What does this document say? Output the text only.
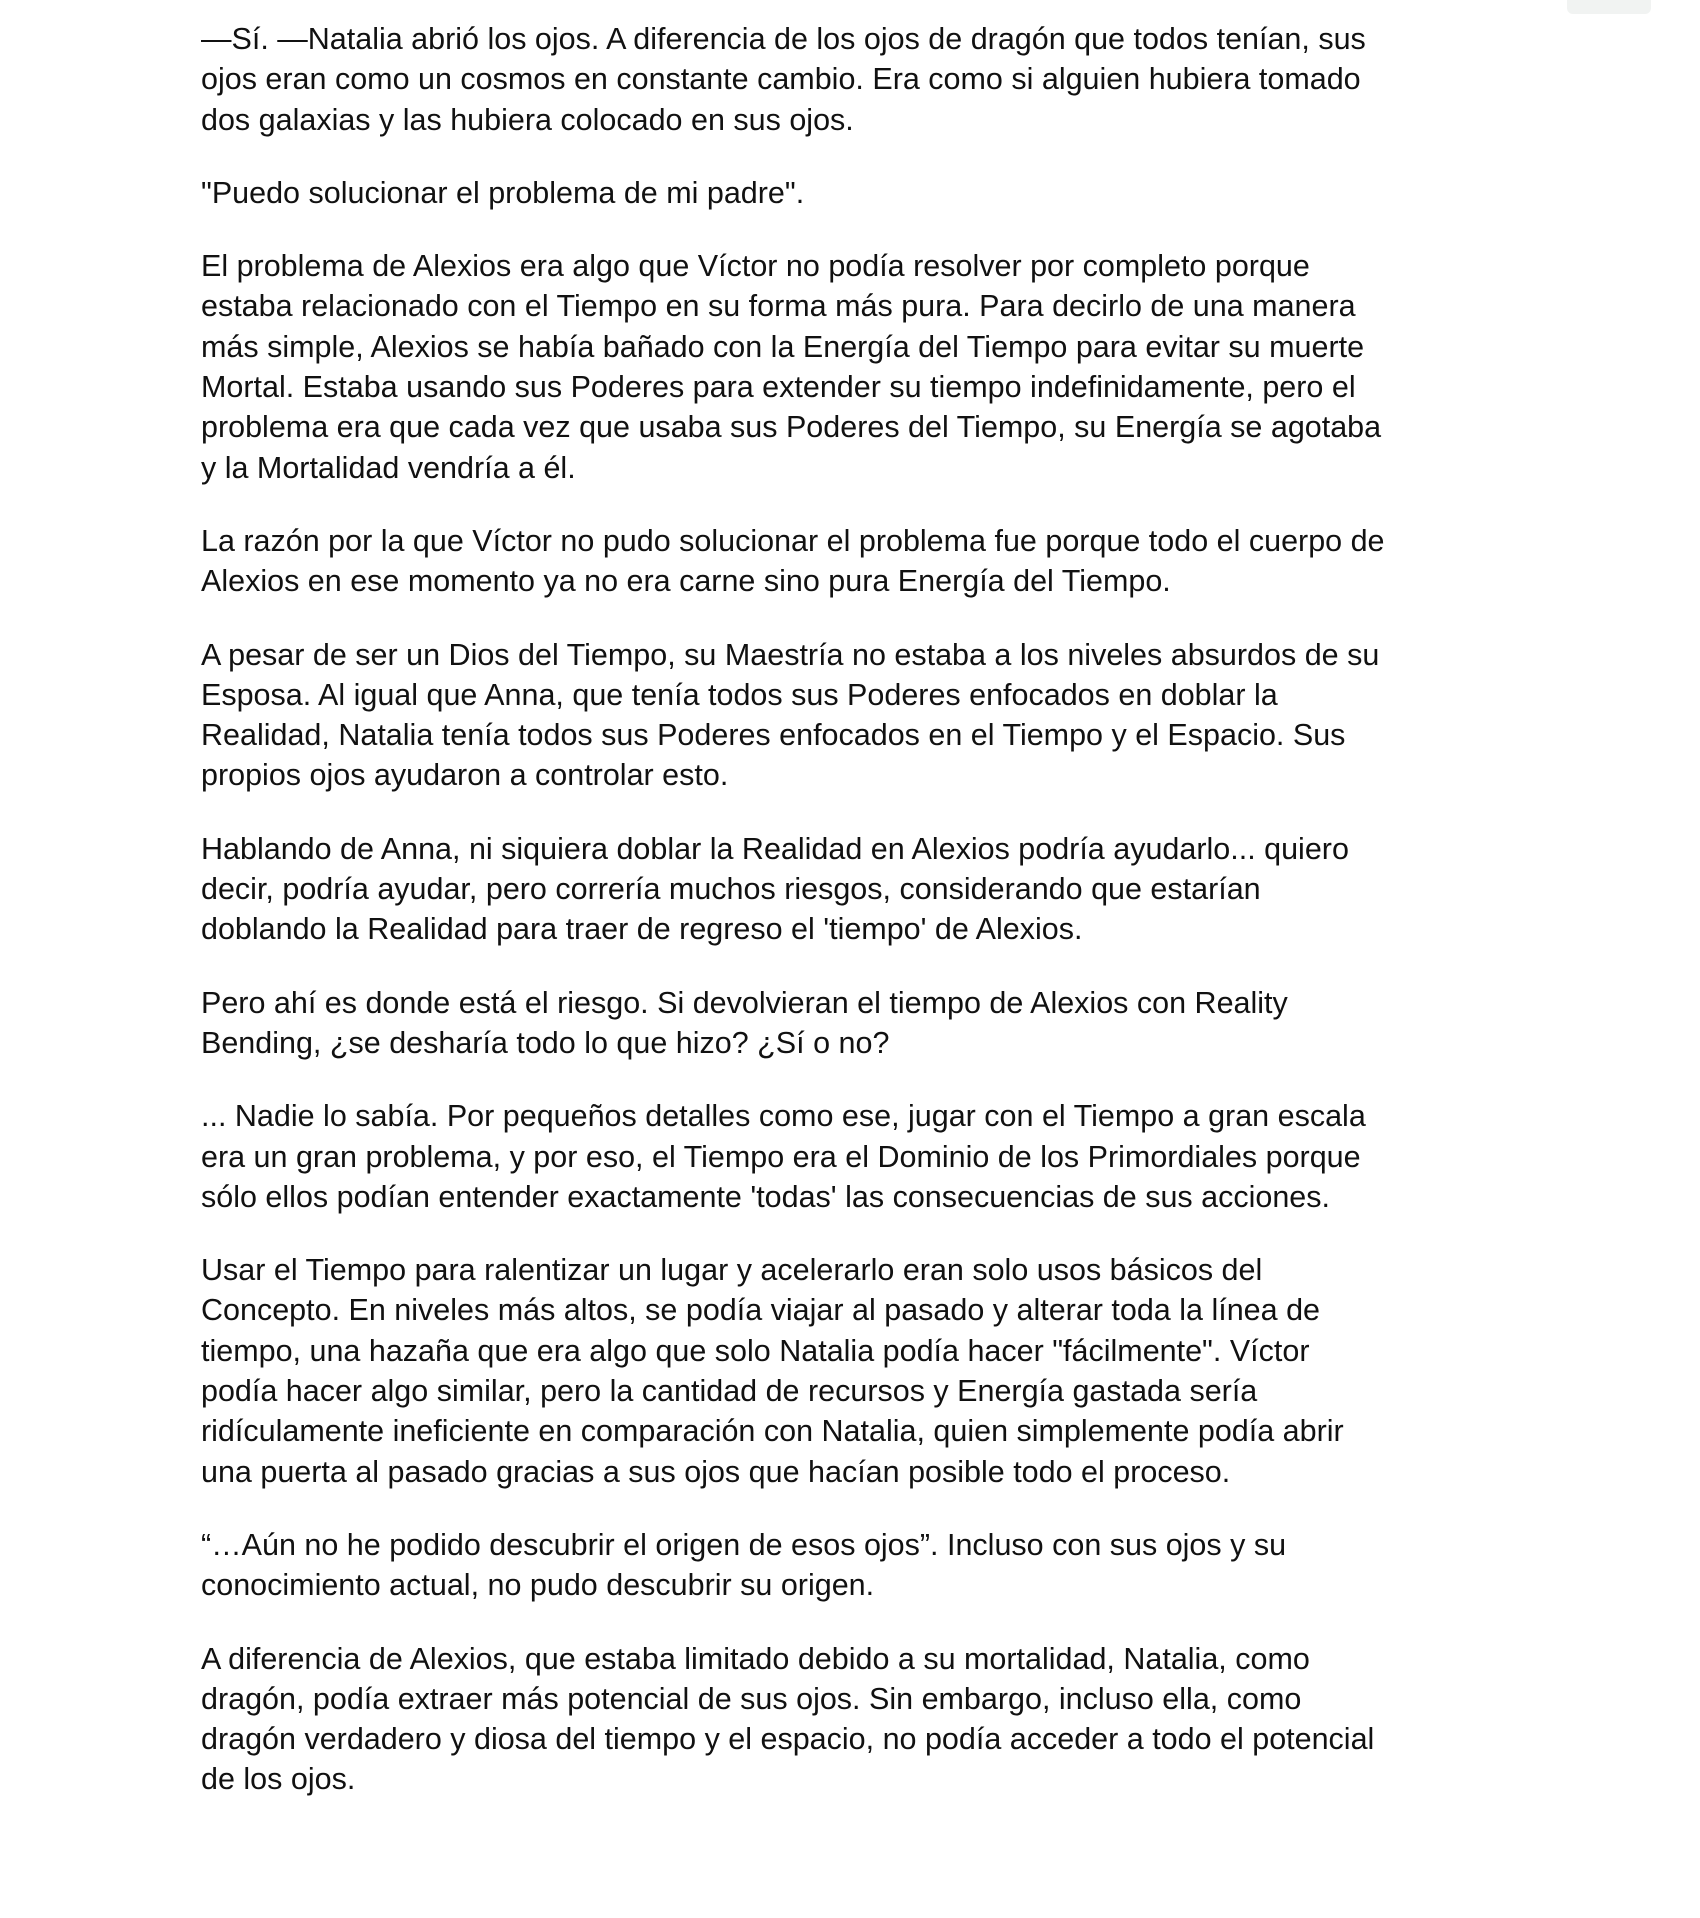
—Sí. —Natalia abrió los ojos. A diferencia de los ojos de dragón que todos tenían, sus
ojos eran como un cosmos en constante cambio. Era como si alguien hubiera tomado
dos galaxias y las hubiera colocado en sus ojos.

"Puedo solucionar el problema de mi padre".

El problema de Alexios era algo que Víctor no podía resolver por completo porque
estaba relacionado con el Tiempo en su forma más pura. Para decirlo de una manera
más simple, Alexios se había bañado con la Energía del Tiempo para evitar su muerte
Mortal. Estaba usando sus Poderes para extender su tiempo indefinidamente, pero el
problema era que cada vez que usaba sus Poderes del Tiempo, su Energía se agotaba
y la Mortalidad vendría a él.

La razón por la que Víctor no pudo solucionar el problema fue porque todo el cuerpo de
Alexios en ese momento ya no era carne sino pura Energía del Tiempo.

A pesar de ser un Dios del Tiempo, su Maestría no estaba a los niveles absurdos de su
Esposa. Al igual que Anna, que tenía todos sus Poderes enfocados en doblar la
Realidad, Natalia tenía todos sus Poderes enfocados en el Tiempo y el Espacio. Sus
propios ojos ayudaron a controlar esto.

Hablando de Anna, ni siquiera doblar la Realidad en Alexios podría ayudarlo... quiero
decir, podría ayudar, pero correría muchos riesgos, considerando que estarían
doblando la Realidad para traer de regreso el 'tiempo' de Alexios.

Pero ahí es donde está el riesgo. Si devolvieran el tiempo de Alexios con Reality
Bending, ¿se desharía todo lo que hizo? ¿Sí o no?

... Nadie lo sabía. Por pequeños detalles como ese, jugar con el Tiempo a gran escala
era un gran problema, y por eso, el Tiempo era el Dominio de los Primordiales porque
sólo ellos podían entender exactamente 'todas' las consecuencias de sus acciones.

Usar el Tiempo para ralentizar un lugar y acelerarlo eran solo usos básicos del
Concepto. En niveles más altos, se podía viajar al pasado y alterar toda la línea de
tiempo, una hazaña que era algo que solo Natalia podía hacer "fácilmente". Víctor
podía hacer algo similar, pero la cantidad de recursos y Energía gastada sería
ridículamente ineficiente en comparación con Natalia, quien simplemente podía abrir
una puerta al pasado gracias a sus ojos que hacían posible todo el proceso.

“…Aún no he podido descubrir el origen de esos ojos”. Incluso con sus ojos y su
conocimiento actual, no pudo descubrir su origen.

A diferencia de Alexios, que estaba limitado debido a su mortalidad, Natalia, como
dragón, podía extraer más potencial de sus ojos. Sin embargo, incluso ella, como
dragón verdadero y diosa del tiempo y el espacio, no podía acceder a todo el potencial
de los ojos.
